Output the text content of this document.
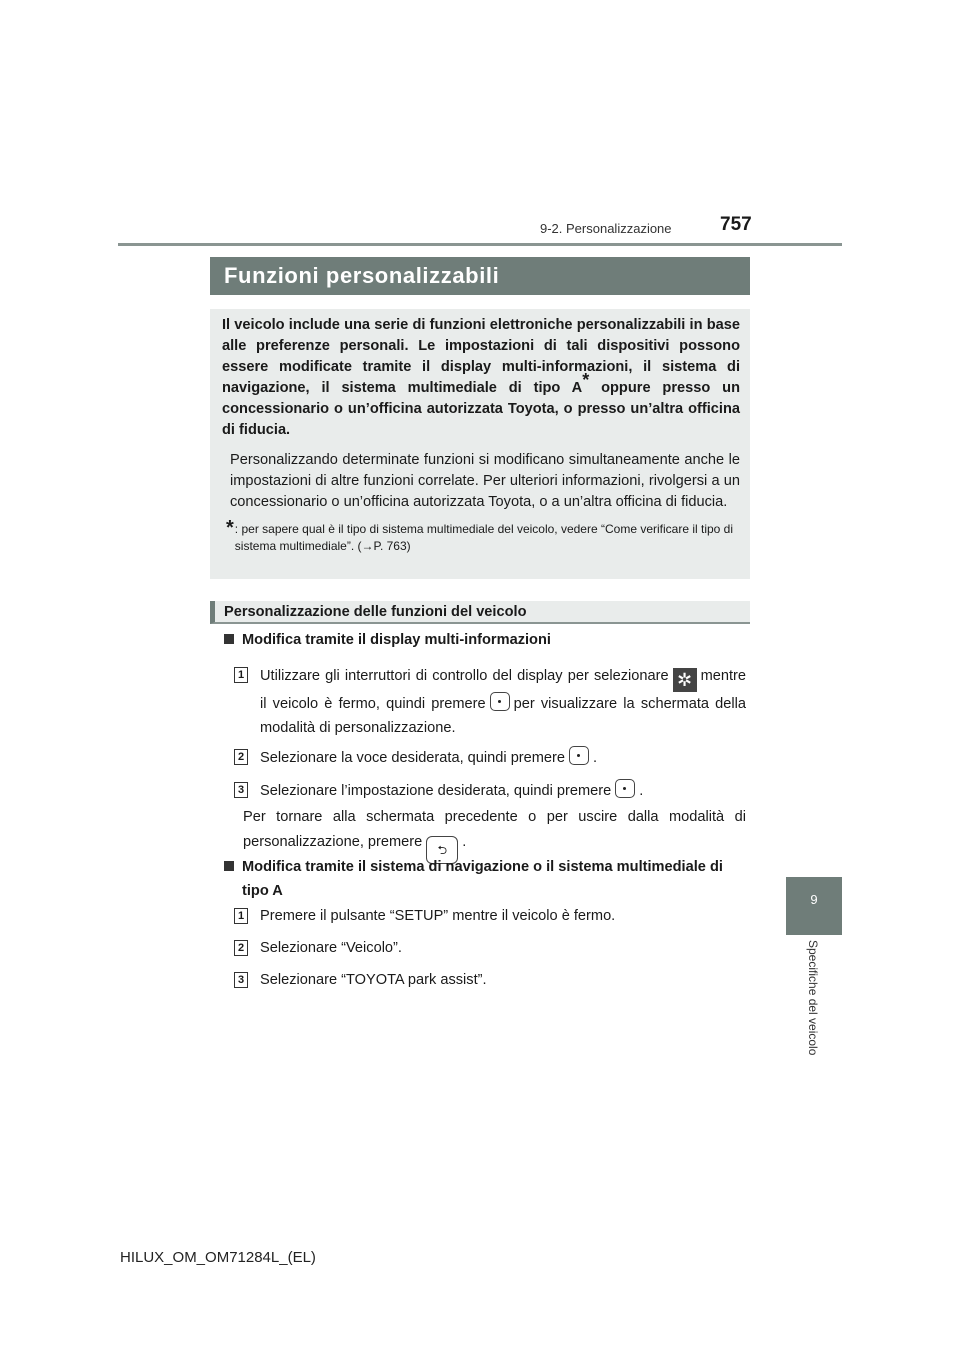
9-2. Personalizzazione	757
Funzioni personalizzabili
Il veicolo include una serie di funzioni elettroniche personalizzabili in base alle preferenze personali. Le impostazioni di tali dispositivi possono essere modificate tramite il display multi-informazioni, il sistema di navigazione, il sistema multimediale di tipo A* oppure presso un concessionario o un’officina autorizzata Toyota, o presso un’altra officina di fiducia.
Personalizzando determinate funzioni si modificano simultaneamente anche le impostazioni di altre funzioni correlate. Per ulteriori informazioni, rivolgersi a un concessionario o un’officina autorizzata Toyota, o a un’altra officina di fiducia.
* : per sapere qual è il tipo di sistema multimediale del veicolo, vedere “Come verificare il tipo di sistema multimediale”. (→P. 763)
Personalizzazione delle funzioni del veicolo
Modifica tramite il display multi-informazioni
1 Utilizzare gli interruttori di controllo del display per selezionare ✲ mentre il veicolo è fermo, quindi premere per visualizzare la schermata della modalità di personalizzazione.
2 Selezionare la voce desiderata, quindi premere .
3 Selezionare l’impostazione desiderata, quindi premere .
Per tornare alla schermata precedente o per uscire dalla modalità di personalizzazione, premere ⮌ .
Modifica tramite il sistema di navigazione o il sistema multimediale di tipo A
1 Premere il pulsante “SETUP” mentre il veicolo è fermo.
2 Selezionare “Veicolo”.
3 Selezionare “TOYOTA park assist”.
9
Specifiche del veicolo
HILUX_OM_OM71284L_(EL)
